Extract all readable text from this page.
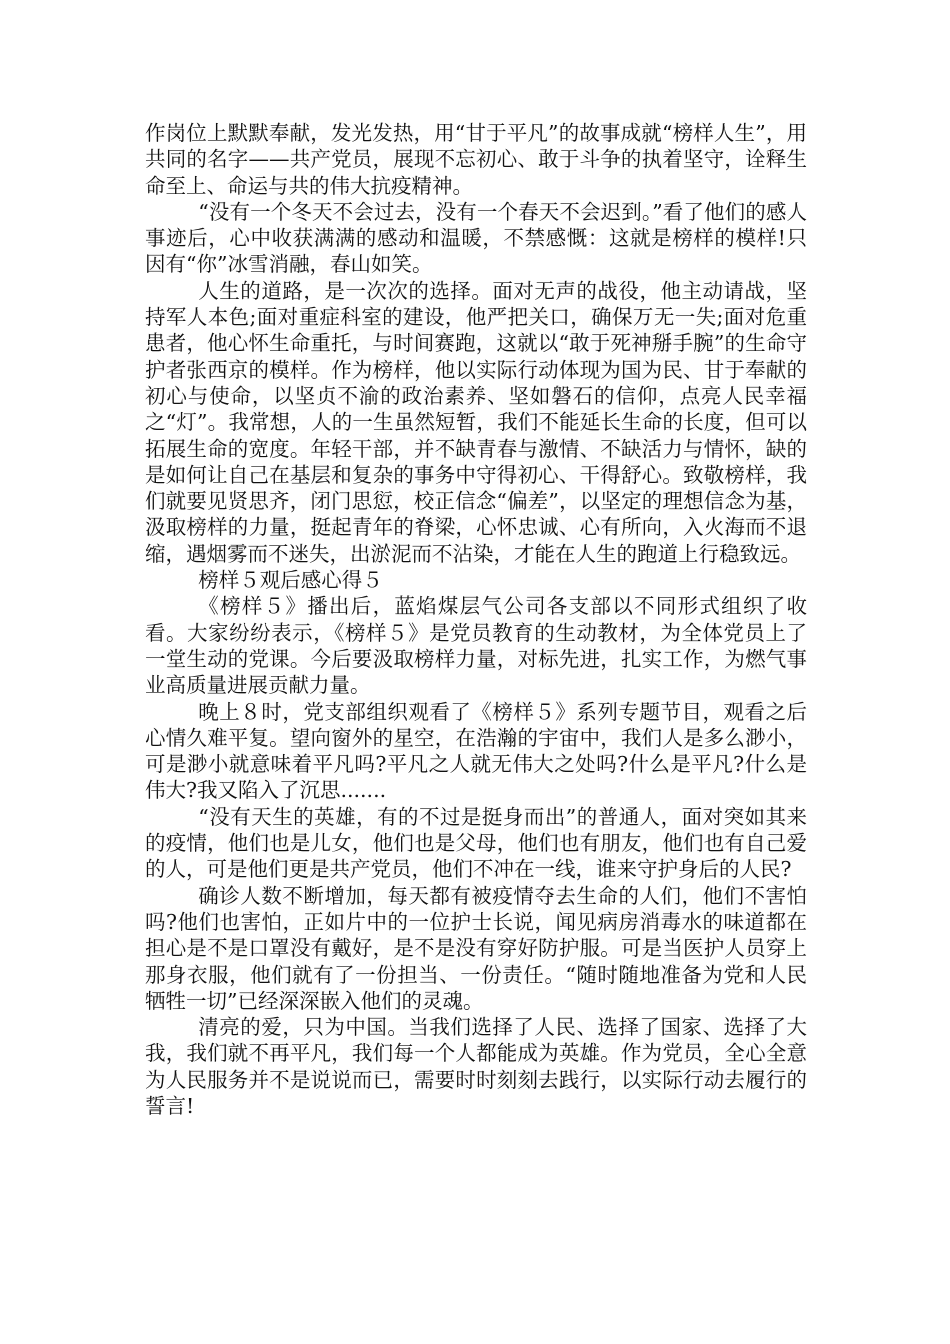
作岗位上默默奉献，发光发热，用“甘于平凡”的故事成就“榜样人生”，用共同的名字——共产党员，展现不忘初心、敢于斗争的执着坚守，诠释生命至上、命运与共的伟大抗疫精神。

“没有一个冬天不会过去，没有一个春天不会迟到。”看了他们的感人事迹后，心中收获满满的感动和温暖，不禁感慨：这就是榜样的模样!只因有“你”冰雪消融，春山如笑。

人生的道路，是一次次的选择。面对无声的战役，他主动请战，坚持军人本色;面对重症科室的建设，他严把关口，确保万无一失;面对危重患者，他心怀生命重托，与时间赛跑，这就以“敢于死神掰手腕”的生命守护者张西京的模样。作为榜样，他以实际行动体现为国为民、甘于奉献的初心与使命，以坚贞不渝的政治素养、坚如磐石的信仰，点亮人民幸福之“灯”。我常想，人的一生虽然短暂，我们不能延长生命的长度，但可以拓展生命的宽度。年轻干部，并不缺青春与激情、不缺活力与情怀，缺的是如何让自己在基层和复杂的事务中守得初心、干得舒心。致敬榜样，我们就要见贤思齐，闭门思愆，校正信念“偏差”，以坚定的理想信念为基，汲取榜样的力量，挺起青年的脊梁，心怀忠诚、心有所向，入火海而不退缩，遇烟雾而不迷失，出淤泥而不沾染，才能在人生的跑道上行稳致远。

榜样５观后感心得５

《榜样５》播出后，蓝焰煤层气公司各支部以不同形式组织了收看。大家纷纷表示，《榜样５》是党员教育的生动教材，为全体党员上了一堂生动的党课。今后要汲取榜样力量，对标先进，扎实工作，为燃气事业高质量进展贡献力量。

晚上８时，党支部组织观看了《榜样５》系列专题节目，观看之后心情久难平复。望向窗外的星空，在浩瀚的宇宙中，我们人是多么渺小，可是渺小就意味着平凡吗?平凡之人就无伟大之处吗?什么是平凡?什么是伟大?我又陷入了沉思.......

“没有天生的英雄，有的不过是挺身而出”的普通人，面对突如其来的疫情，他们也是儿女，他们也是父母，他们也有朋友，他们也有自己爱的人，可是他们更是共产党员，他们不冲在一线，谁来守护身后的人民?

确诊人数不断增加，每天都有被疫情夺去生命的人们，他们不害怕吗?他们也害怕，正如片中的一位护士长说，闻见病房消毒水的味道都在担心是不是口罩没有戴好，是不是没有穿好防护服。可是当医护人员穿上那身衣服，他们就有了一份担当、一份责任。“随时随地准备为党和人民牺牲一切”已经深深嵌入他们的灵魂。

清亮的爱，只为中国。当我们选择了人民、选择了国家、选择了大我，我们就不再平凡，我们每一个人都能成为英雄。作为党员，全心全意为人民服务并不是说说而已，需要时时刻刻去践行，以实际行动去履行的誓言!
